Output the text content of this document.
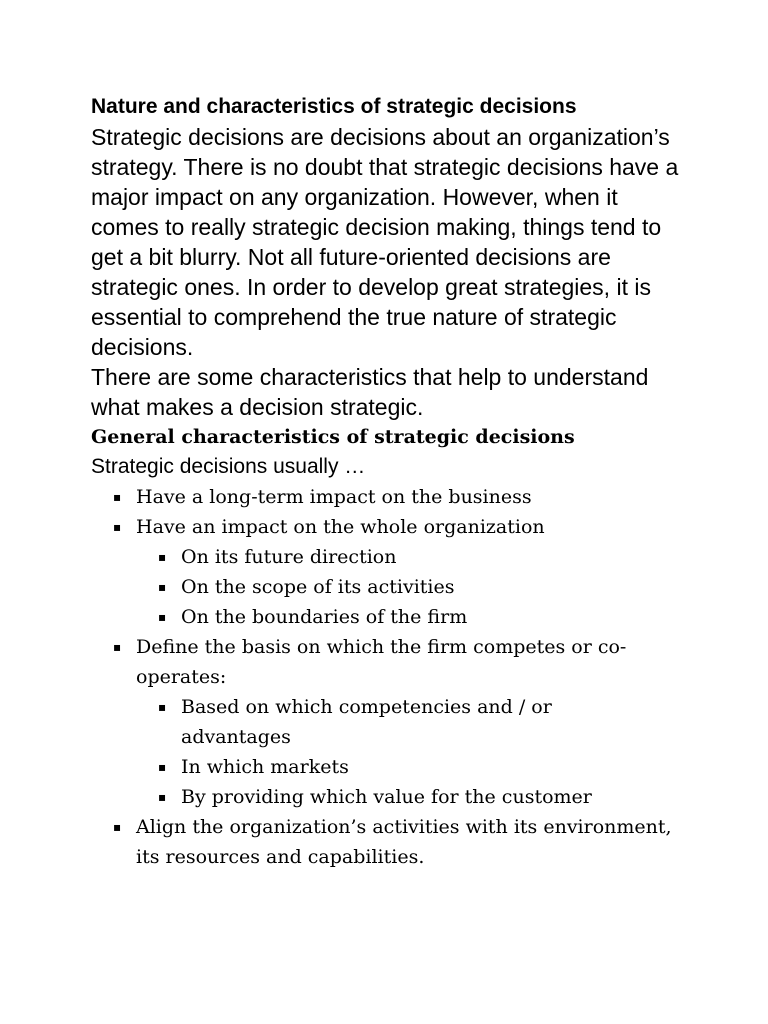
Nature and characteristics of strategic decisions

Strategic decisions are decisions about an organization’s strategy. There is no doubt that strategic decisions have a major impact on any organization. However, when it comes to really strategic decision making, things tend to get a bit blurry. Not all future-oriented decisions are strategic ones. In order to develop great strategies, it is essential to comprehend the true nature of strategic decisions.

There are some characteristics that help to understand what makes a decision strategic.

General characteristics of strategic decisions

Strategic decisions usually …

▪ Have a long-term impact on the business
▪ Have an impact on the whole organization
▪ On its future direction
▪ On the scope of its activities
▪ On the boundaries of the firm
▪ Define the basis on which the firm competes or co-operates:
▪ Based on which competencies and / or advantages
▪ In which markets
▪ By providing which value for the customer
▪ Align the organization’s activities with its environment, its resources and capabilities.
